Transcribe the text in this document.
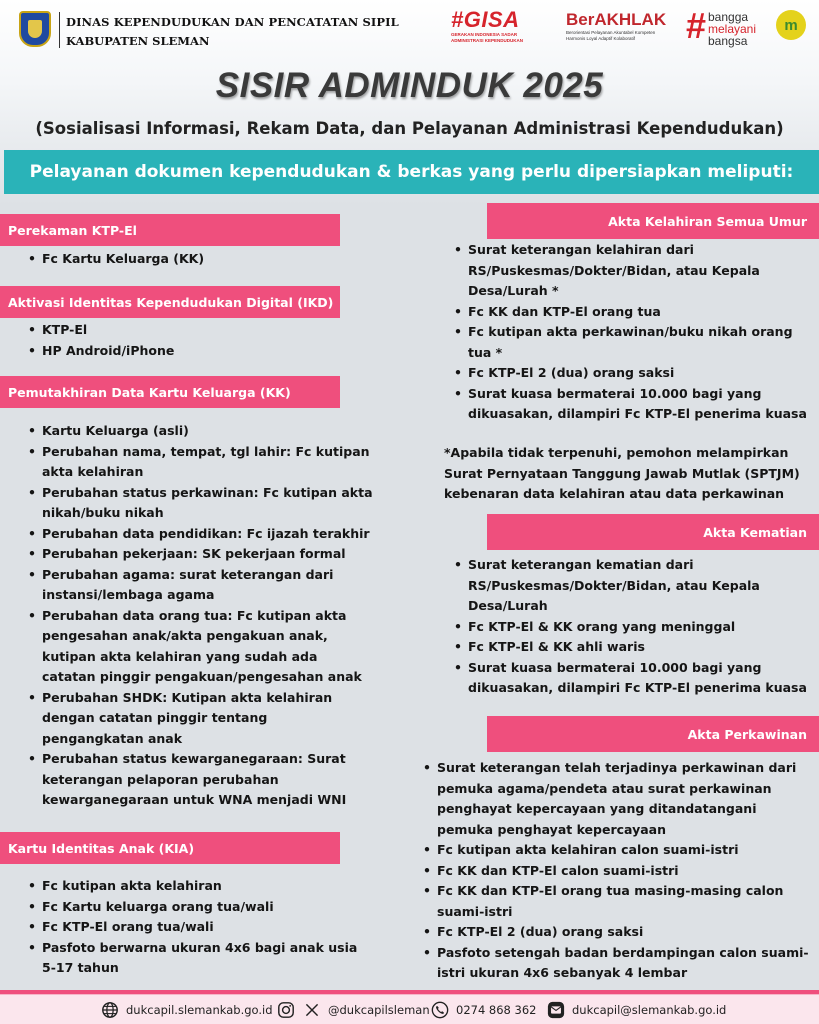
DINAS KEPENDUDUKAN DAN PENCATATAN SIPIL
KABUPATEN SLEMAN
#GISA
GERAKAN INDONESIA SADAR
ADMINISTRASI KEPENDUDUKAN
BerAKHLAK
Berorientasi Pelayanan Akuntabel Kompeten
Harmonis Loyal Adaptif Kolaboratif	# bangga
melayani
bangsa
m
SISIR ADMINDUK 2025
(Sosialisasi Informasi, Rekam Data, dan Pelayanan Administrasi Kependudukan)
Pelayanan dokumen kependudukan & berkas yang perlu dipersiapkan meliputi:
Perekaman KTP-El
• Fc Kartu Keluarga (KK)
Aktivasi Identitas Kependudukan Digital (IKD)
• KTP-El
• HP Android/iPhone
Pemutakhiran Data Kartu Keluarga (KK)
• Kartu Keluarga (asli)
• Perubahan nama, tempat, tgl lahir: Fc kutipan akta kelahiran
• Perubahan status perkawinan: Fc kutipan akta nikah/buku nikah
• Perubahan data pendidikan: Fc ijazah terakhir
• Perubahan pekerjaan: SK pekerjaan formal
• Perubahan agama: surat keterangan dari instansi/lembaga agama
• Perubahan data orang tua: Fc kutipan akta pengesahan anak/akta pengakuan anak, kutipan akta kelahiran yang sudah ada catatan pinggir pengakuan/pengesahan anak
• Perubahan SHDK: Kutipan akta kelahiran dengan catatan pinggir tentang pengangkatan anak
• Perubahan status kewarganegaraan: Surat keterangan pelaporan perubahan kewarganegaraan untuk WNA menjadi WNI
Kartu Identitas Anak (KIA)
• Fc kutipan akta kelahiran
• Fc Kartu keluarga orang tua/wali
• Fc KTP-El orang tua/wali
• Pasfoto berwarna ukuran 4x6 bagi anak usia 5-17 tahun
Akta Kelahiran Semua Umur
• Surat keterangan kelahiran dari RS/Puskesmas/Dokter/Bidan, atau Kepala Desa/Lurah *
• Fc KK dan KTP-El orang tua
• Fc kutipan akta perkawinan/buku nikah orang tua *
• Fc KTP-El 2 (dua) orang saksi
• Surat kuasa bermaterai 10.000 bagi yang dikuasakan, dilampiri Fc KTP-El penerima kuasa
*Apabila tidak terpenuhi, pemohon melampirkan Surat Pernyataan Tanggung Jawab Mutlak (SPTJM) kebenaran data kelahiran atau data perkawinan
Akta Kematian
• Surat keterangan kematian dari RS/Puskesmas/Dokter/Bidan, atau Kepala Desa/Lurah
• Fc KTP-El & KK orang yang meninggal
• Fc KTP-El & KK ahli waris
• Surat kuasa bermaterai 10.000 bagi yang dikuasakan, dilampiri Fc KTP-El penerima kuasa
Akta Perkawinan
• Surat keterangan telah terjadinya perkawinan dari pemuka agama/pendeta atau surat perkawinan penghayat kepercayaan yang ditandatangani pemuka penghayat kepercayaan
• Fc kutipan akta kelahiran calon suami-istri
• Fc KK dan KTP-El calon suami-istri
• Fc KK dan KTP-El orang tua masing-masing calon suami-istri
• Fc KTP-El 2 (dua) orang saksi
• Pasfoto setengah badan berdampingan calon suami-istri ukuran 4x6 sebanyak 4 lembar
dukcapil.slemankab.go.id	@dukcapilsleman 0274 868 362	dukcapil@slemankab.go.id
